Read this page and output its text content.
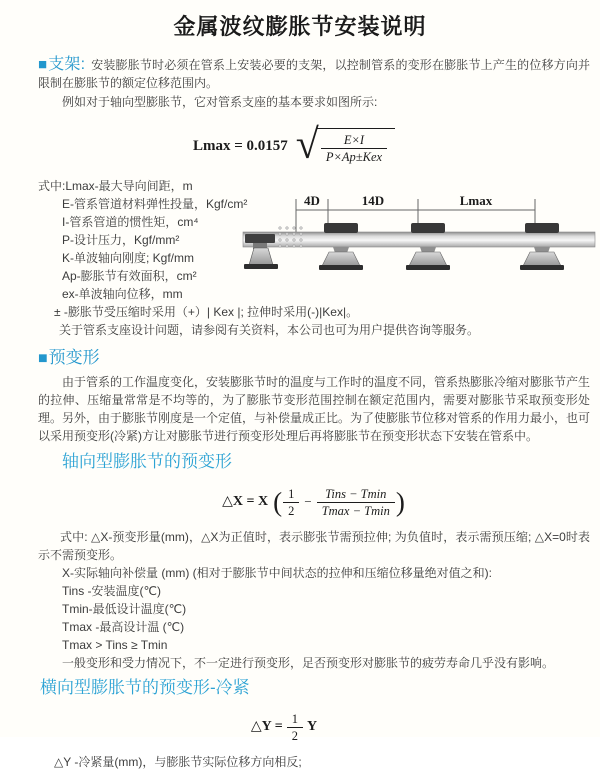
金属波纹膨胀节安装说明

■支架: 安装膨胀节时必须在管系上安装必要的支架，以控制管系的变形在膨胀节上产生的位移方向并限制在膨胀节的额定位移范围内。

例如对于轴向型膨胀节，它对管系支座的基本要求如图所示:

Lmax = 0.0157 √ $\frac{E\times I}{\text{P×Ap±Kex}}$
式中:Lmax-最大导向间距，m
E-管系管道材料弹性投量，Kgf/cm²
I-管系管道的惯性矩，cm⁴
P-设计压力，Kgf/mm²
K-单波轴向刚度; Kgf/mm
Ap-膨胀节有效面积，cm²
ex-单波轴向位移，mm
± -膨胀节受压缩时采用（+）| Kex |; 拉伸时采用(-)|Kex|。
关于管系支座设计问题，请参阅有关资料，本公司也可为用户提供咨询等服务。
■预变形

由于管系的工作温度变化，安装膨胀节时的温度与工作时的温度不同，管系热膨胀冷缩对膨胀节产生的拉伸、压缩量常常是不均等的，为了膨胀节变形范围控制在额定范围内，需要对膨胀节采取预变形处理。另外，由于膨胀节刚度是一个定值，与补偿量成正比。为了使膨胀节位移对管系的作用力最小，也可以采用预变形(冷紧)方让对膨胀节进行预变形处理后再将膨胀节在预变形状态下安装在管系中。

轴向型膨胀节的预变形
△X = X ( $\frac{1}{2} - \frac{\text{Tins − Tmin}}{Tmax - Tmin}$ )

式中: △X-预变形量(mm)，△X为正值时，表示膨张节需预拉伸; 为负值时，表示需预压缩; △X=0时表示不需预变形。

X-实际轴向补偿量 (mm) (相对于膨胀节中间状态的拉伸和压缩位移量绝对值之和):
Tins -安装温度(℃)
Tmin-最低设计温度(℃)
Tmax -最高设计温 (℃)
Tmax > Tins ≥ Tmin
一般变形和受力情况下，不一定进行预变形，足否预变形对膨胀节的疲劳寿命几乎没有影响。
横向型膨胀节的预变形-冷紧
△Y = $\frac{1}{2}$ Y

△Y -冷紧量(mm)，与膨胀节实际位移方向相反;

4D	14D	Lmax
